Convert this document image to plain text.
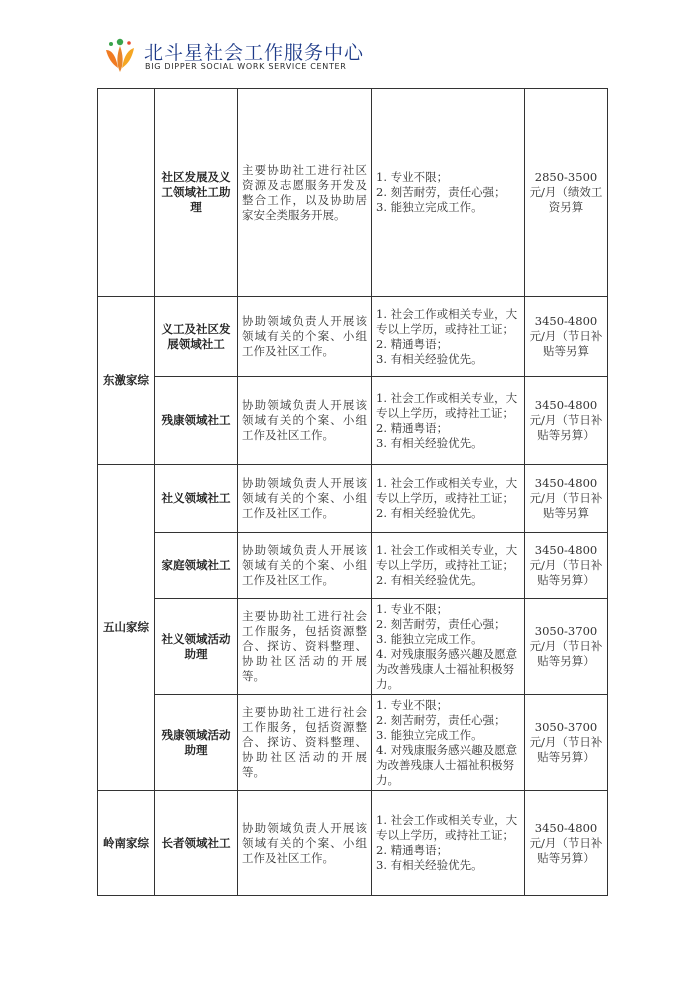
北斗星社会工作服务中心
BIG DIPPER SOCIAL WORK SERVICE CENTER
	社区发展及义工领域社工助理	主要协助社工进行社区资源及志愿服务开发及整合工作，以及协助居家安全类服务开展。	1. 专业不限；
2. 刻苦耐劳，责任心强；
3. 能独立完成工作。	2850-3500元/月（绩效工资另算
东激家综	义工及社区发展领域社工	协助领域负责人开展该领域有关的个案、小组工作及社区工作。	1. 社会工作或相关专业，大专以上学历，或持社工证；
2. 精通粤语；
3. 有相关经验优先。	3450-4800元/月（节日补贴等另算
	残康领域社工	协助领域负责人开展该领域有关的个案、小组工作及社区工作。	1. 社会工作或相关专业，大专以上学历，或持社工证；
2. 精通粤语；
3. 有相关经验优先。	3450-4800元/月（节日补贴等另算）
五山家综	社义领域社工	协助领域负责人开展该领域有关的个案、小组工作及社区工作。	1. 社会工作或相关专业，大专以上学历，或持社工证；
2. 有相关经验优先。	3450-4800元/月（节日补贴等另算
	家庭领域社工	协助领域负责人开展该领域有关的个案、小组工作及社区工作。	1. 社会工作或相关专业，大专以上学历，或持社工证；
2. 有相关经验优先。	3450-4800元/月（节日补贴等另算）
	社义领域活动助理	主要协助社工进行社会工作服务，包括资源整合、探访、资料整理、协助社区活动的开展等。	1. 专业不限；
2. 刻苦耐劳，责任心强；
3. 能独立完成工作。
4. 对残康服务感兴趣及愿意为改善残康人士福祉积极努力。	3050-3700元/月（节日补贴等另算）
	残康领域活动助理	主要协助社工进行社会工作服务，包括资源整合、探访、资料整理、协助社区活动的开展等。	1. 专业不限；
2. 刻苦耐劳，责任心强；
3. 能独立完成工作。
4. 对残康服务感兴趣及愿意为改善残康人士福祉积极努力。	3050-3700元/月（节日补贴等另算）
岭南家综	长者领域社工	协助领域负责人开展该领域有关的个案、小组工作及社区工作。	1. 社会工作或相关专业，大专以上学历，或持社工证；
2. 精通粤语；
3. 有相关经验优先。	3450-4800元/月（节日补贴等另算）
